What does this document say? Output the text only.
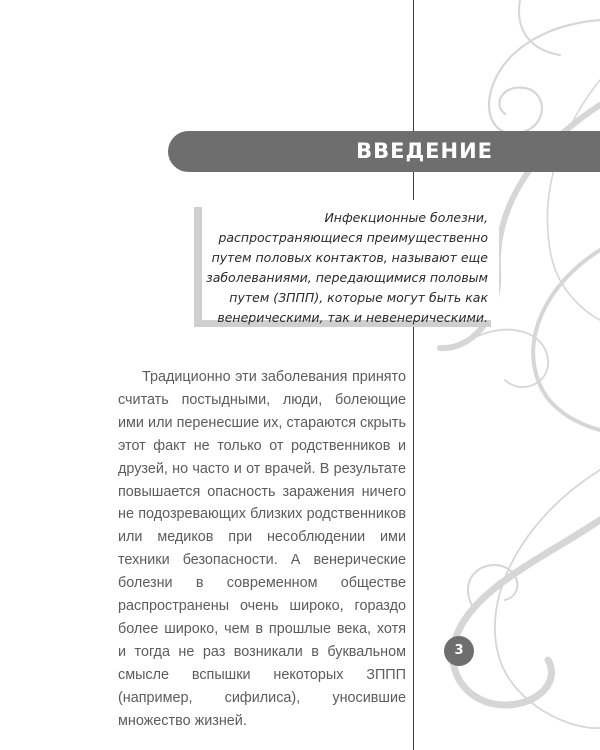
ВВЕДЕНИЕ
Инфекционные болезни, распространяющиеся преимущественно путем половых контактов, называют еще заболеваниями, передающимися половым путем (ЗППП), которые могут быть как венерическими, так и невенерическими.

Традиционно эти заболевания принято считать постыдными, люди, болеющие ими или перенесшие их, стараются скрыть этот факт не только от родственников и друзей, но часто и от врачей. В результате повышается опасность заражения ничего не подозревающих близких родственников или медиков при несоблюдении ими техники безопасности. А венерические болезни в современном обществе распространены очень широко, гораздо более широко, чем в прошлые века, хотя и тогда не раз возникали в буквальном смысле вспышки некоторых ЗППП (например, сифилиса), уносившие множество жизней.

3
